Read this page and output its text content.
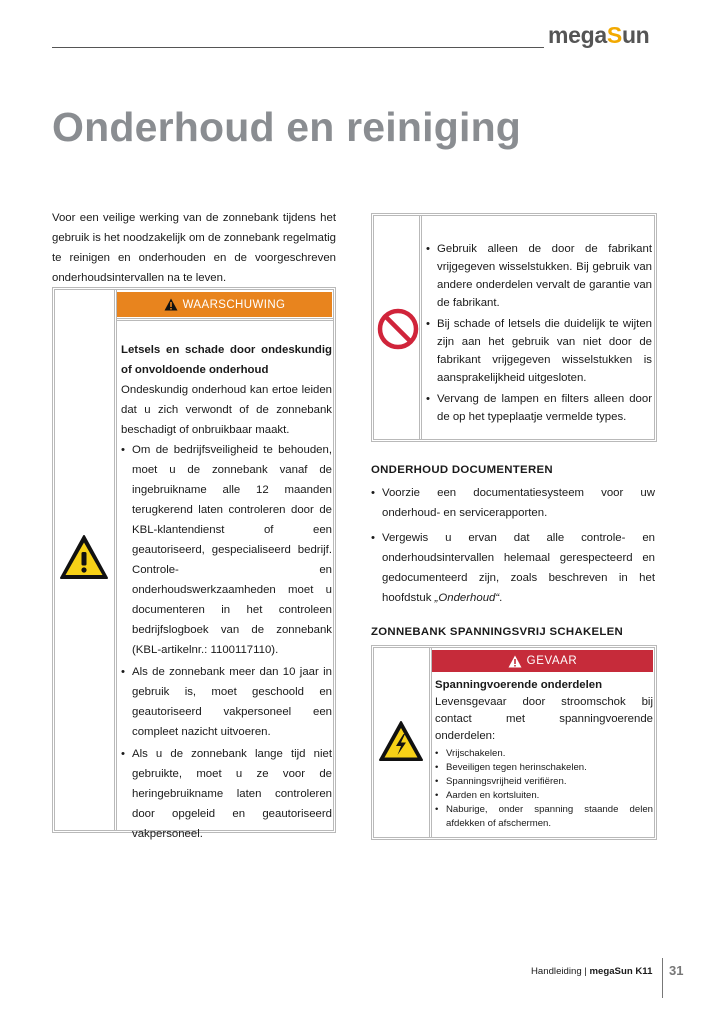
megaSun
Onderhoud en reiniging

Voor een veilige werking van de zonnebank tijdens het gebruik is het noodzakelijk om de zonnebank regelmatig te reinigen en onderhouden en de voorgeschreven onderhoudsintervallen na te leven.

WAARSCHUWING
Letsels en schade door ondeskundig of onvoldoende onderhoud
Ondeskundig onderhoud kan ertoe leiden dat u zich verwondt of de zonnebank beschadigt of onbruikbaar maakt.
• Om de bedrijfsveiligheid te behouden, moet u de zonnebank vanaf de ingebruikname alle 12 maanden terugkerend laten controleren door de KBL-klantendienst of een geautoriseerd, gespecialiseerd bedrijf. Controle- en onderhoudswerkzaamheden moet u documenteren in het controleen bedrijfslogboek van de zonnebank (KBL-artikelnr.: 1100117110).
• Als de zonnebank meer dan 10 jaar in gebruik is, moet geschoold en geautoriseerd vakpersoneel een compleet nazicht uitvoeren.
• Als u de zonnebank lange tijd niet gebruikte, moet u ze voor de heringebruikname laten controleren door opgeleid en geautoriseerd vakpersoneel.
• Gebruik alleen de door de fabrikant vrijgegeven wisselstukken. Bij gebruik van andere onderdelen vervalt de garantie van de fabrikant.
• Bij schade of letsels die duidelijk te wijten zijn aan het gebruik van niet door de fabrikant vrijgegeven wisselstukken is aansprakelijkheid uitgesloten.
• Vervang de lampen en filters alleen door de op het typeplaatje vermelde types.
ONDERHOUD DOCUMENTEREN
• Voorzie een documentatiesysteem voor uw onderhoud- en servicerapporten.
• Vergewis u ervan dat alle controle- en onderhoudsintervallen helemaal gerespecteerd en gedocumenteerd zijn, zoals beschreven in het hoofdstuk „Onderhoud“.
ZONNEBANK SPANNINGSVRIJ SCHAKELEN
GEVAAR
Spanningvoerende onderdelen
Levensgevaar door stroomschok bij contact met spanningvoerende onderdelen:
• Vrijschakelen.
• Beveiligen tegen herinschakelen.
• Spanningsvrijheid verifiëren.
• Aarden en kortsluiten.
• Naburige, onder spanning staande delen afdekken of afschermen.
Handleiding | megaSun K11 31
